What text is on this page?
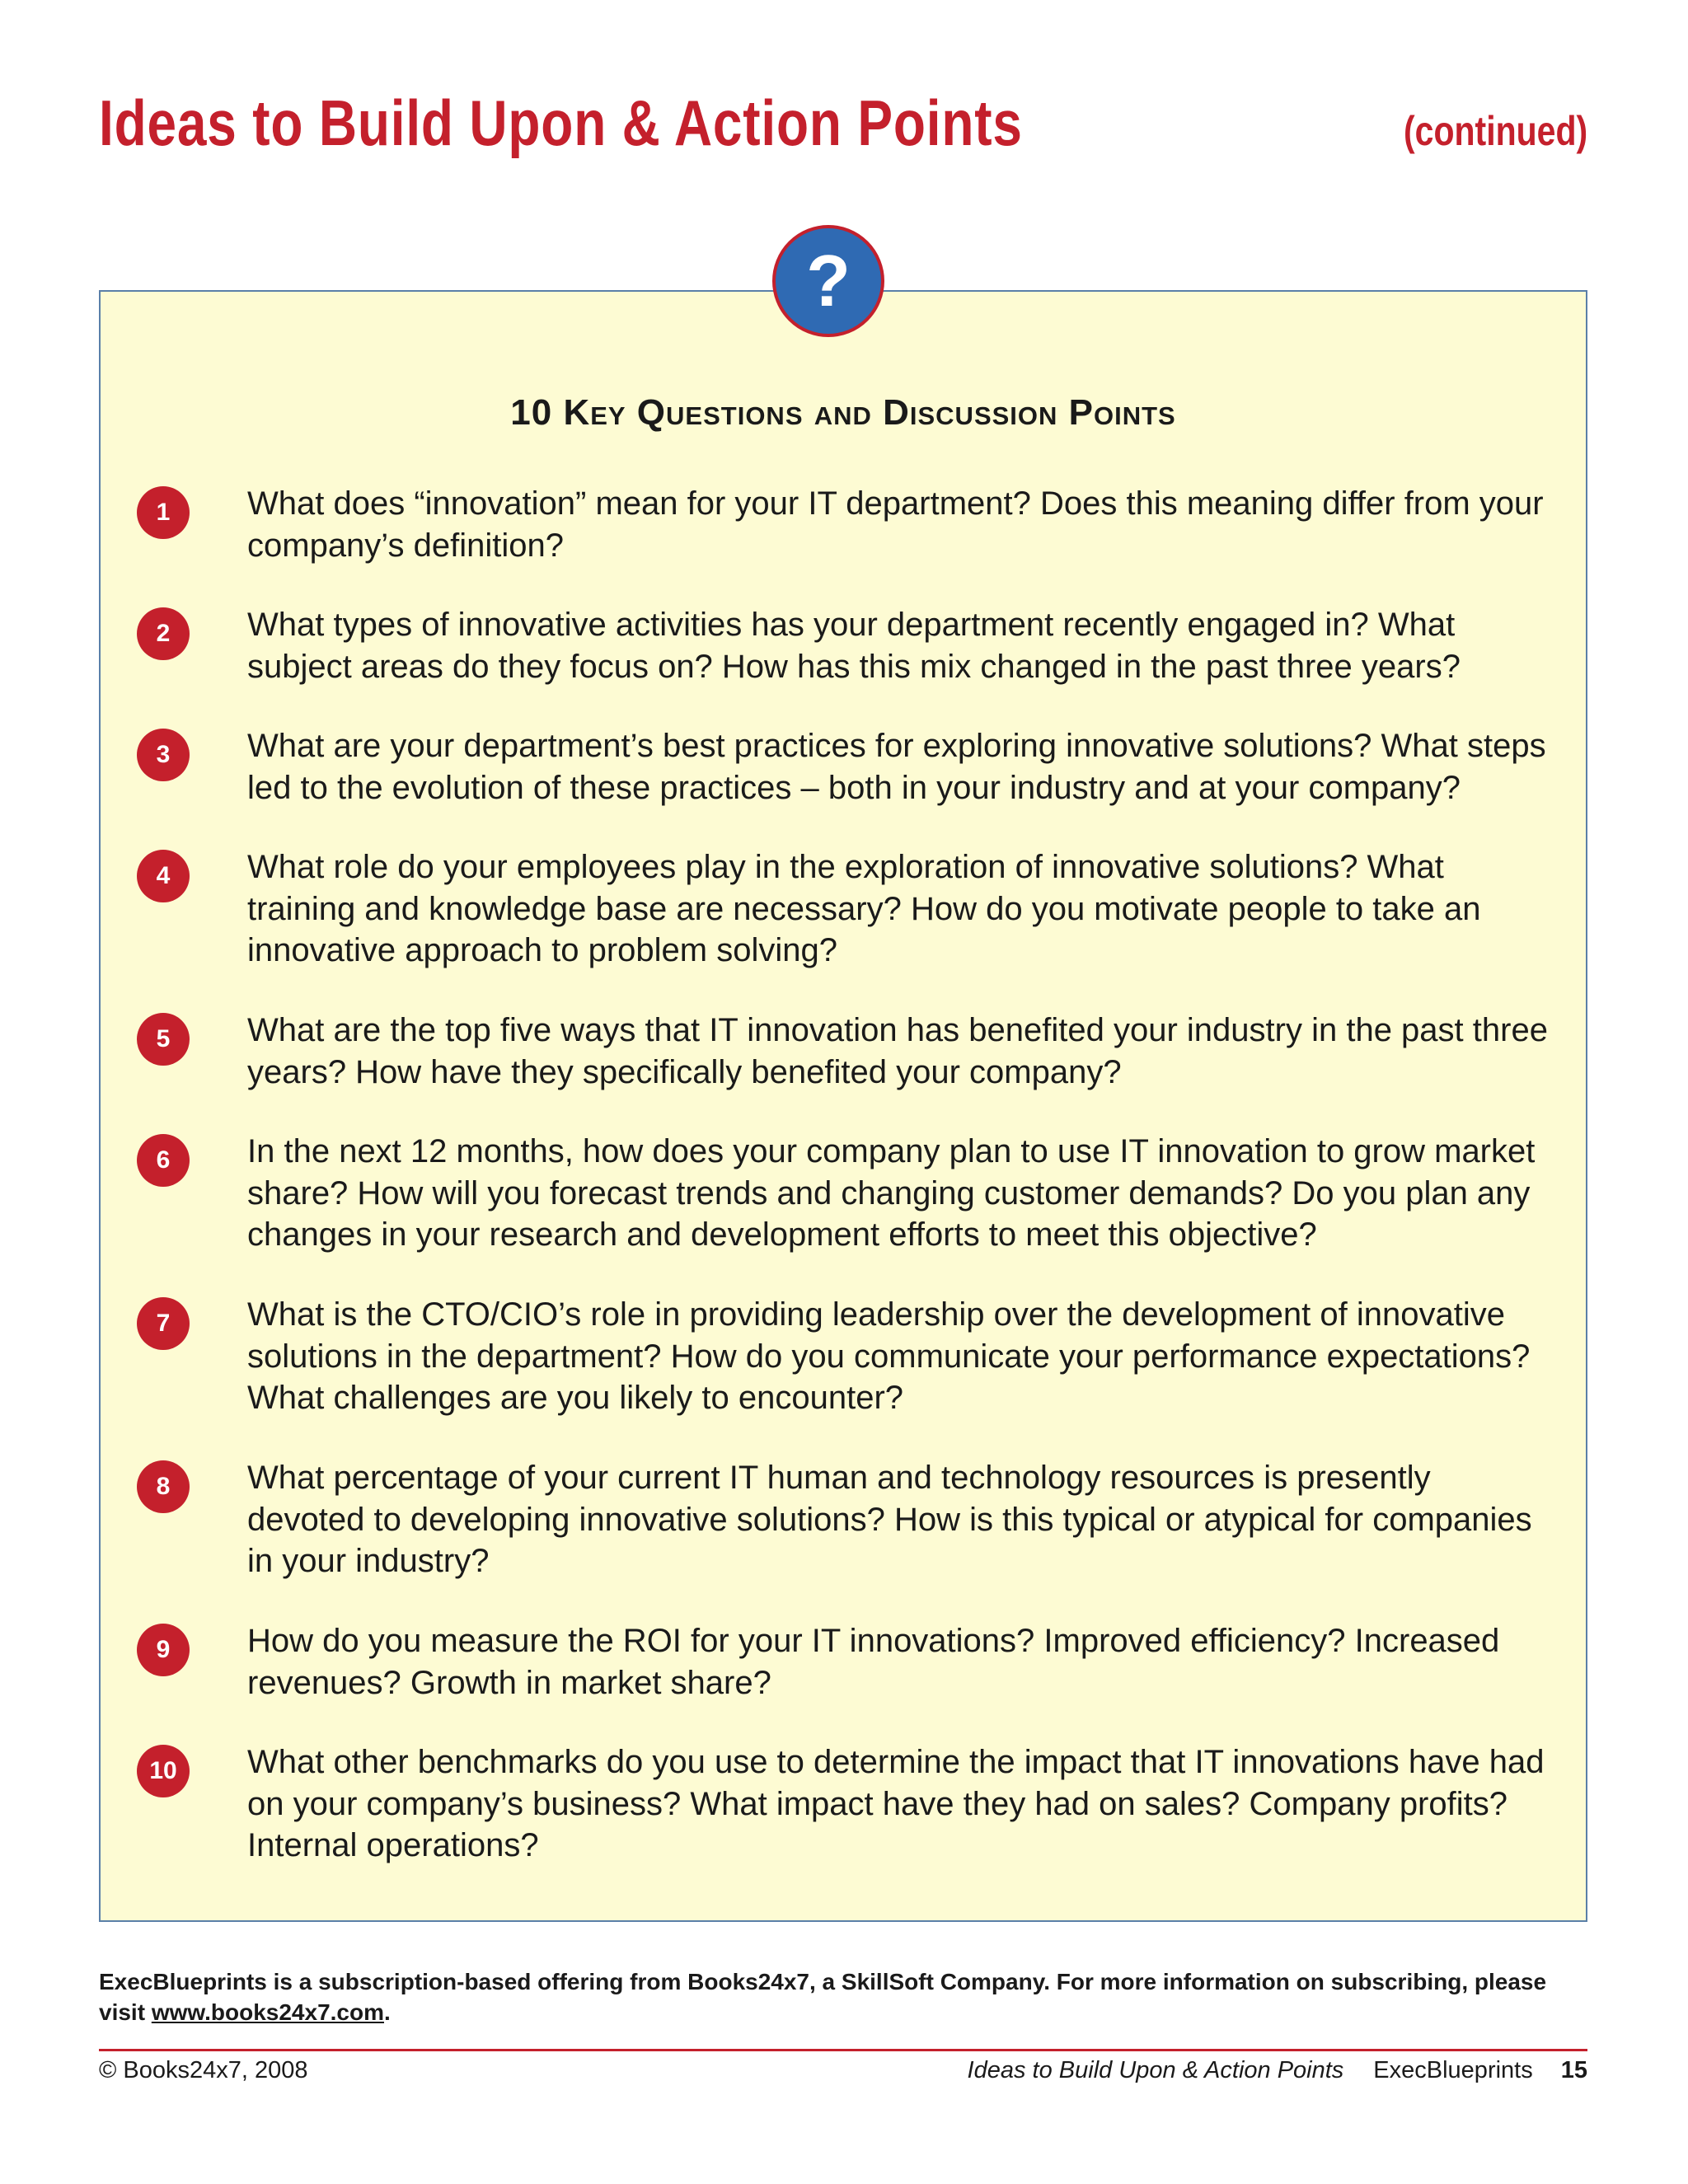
Ideas to Build Upon & Action Points	(continued)
10 Key Questions and Discussion Points
1	What does “innovation” mean for your IT department? Does this meaning differ from your company’s definition?
2	What types of innovative activities has your department recently engaged in? What subject areas do they focus on? How has this mix changed in the past three years?
3	What are your department’s best practices for exploring innovative solutions? What steps led to the evolution of these practices – both in your industry and at your company?
4	What role do your employees play in the exploration of innovative solutions? What training and knowledge base are necessary? How do you motivate people to take an innovative approach to problem solving?
5	What are the top five ways that IT innovation has benefited your industry in the past three years? How have they specifically benefited your company?
6	In the next 12 months, how does your company plan to use IT innovation to grow market share? How will you forecast trends and changing customer demands? Do you plan any changes in your research and development efforts to meet this objective?
7	What is the CTO/CIO’s role in providing leadership over the development of innovative solutions in the department? How do you communicate your performance expectations? What challenges are you likely to encounter?
8	What percentage of your current IT human and technology resources is presently devoted to developing innovative solutions? How is this typical or atypical for companies in your industry?
9	How do you measure the ROI for your IT innovations? Improved efficiency? Increased revenues? Growth in market share?
10	What other benchmarks do you use to determine the impact that IT innovations have had on your company’s business? What impact have they had on sales? Company profits? Internal operations?
?
ExecBlueprints is a subscription-based offering from Books24x7, a SkillSoft Company. For more information on subscribing, please visit www.books24x7.com.
© Books24x7, 2008	Ideas to Build Upon & Action Points ExecBlueprints 15
